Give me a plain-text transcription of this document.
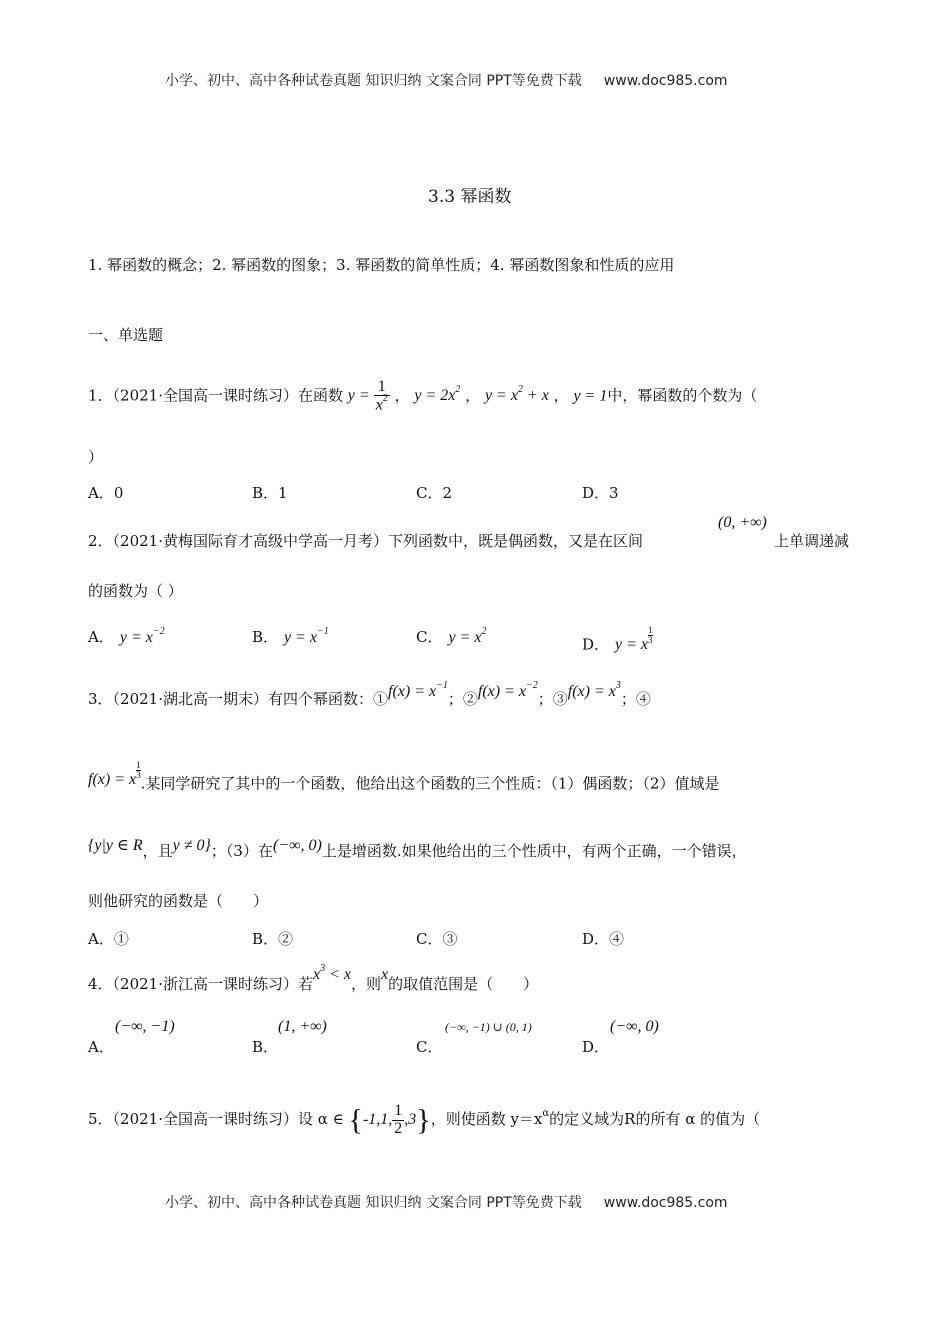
小学、初中、高中各种试卷真题 知识归纳 文案合同 PPT等免费下载 www.doc985.com
3.3 幂函数
1. 幂函数的概念；2. 幂函数的图象；3. 幂函数的简单性质；4. 幂函数图象和性质的应用
一、单选题
1．（2021·全国高一课时练习）在函数 $y = \frac{1}{x^2}$ ， $y = 2x^2$ ， $y = x^2 + x$ ， y = 1中，幂函数的个数为（
）
A．0	B．1	C．2	D．3
2．（2021·黄梅国际育才高级中学高一月考）下列函数中，既是偶函数，又是在区间
(0, +∞)
上单调递减
的函数为（ ）
A． $y = x^{-2}$	B． $y = x^{-1}$	C． $y = x^2$
D． y = x $\frac{1}{3}$
3．（2021·湖北高一期末）有四个幂函数：①f(x) = $x^{-1}$；②f(x) = $x^{-2}$；③f(x) = $x^3$；④
f(x) = x $\frac{1}{3}$
.某同学研究了其中的一个函数，他给出这个函数的三个性质：（1）偶函数；（2）值域是
{y|y ∈ R，且y ≠ 0}；（3）在(−∞, 0)上是增函数.如果他给出的三个性质中，有两个正确，一个错误，
则他研究的函数是（　　）
A．①	B．②	C．③	D．④
4．（2021·浙江高一课时练习）若$x^3 < x$，则x的取值范围是（　　）
A．
(−∞, −1)
B．
(1, +∞)
C．
(−∞, −1) ∪ (0, 1)
D．
(−∞, 0)
5．（2021·全国高一课时练习）设 α ∈ {-1,1, $\frac{1}{2} ,3$}，则使函数 $y=x^\alpha$的定义域为R的所有 α 的值为（
小学、初中、高中各种试卷真题 知识归纳 文案合同 PPT等免费下载 www.doc985.com
